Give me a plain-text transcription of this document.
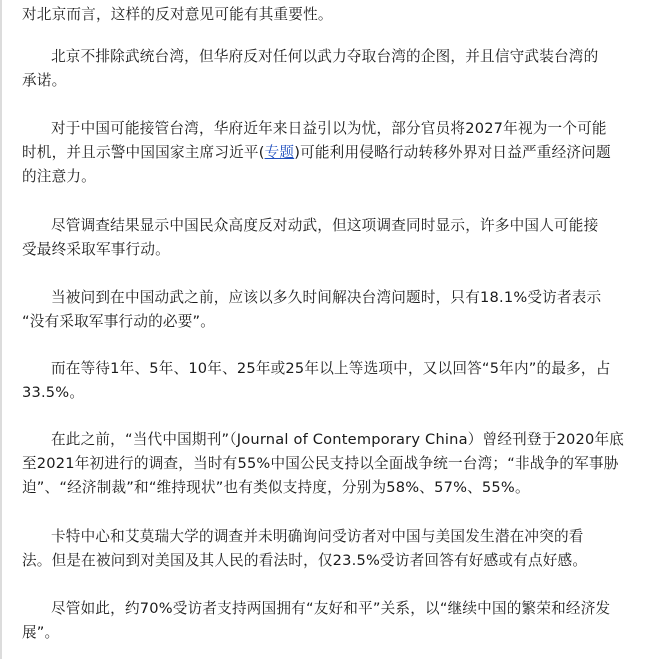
对北京而言，这样的反对意见可能有其重要性。

北京不排除武统台湾，但华府反对任何以武力夺取台湾的企图，并且信守武装台湾的
承诺。

对于中国可能接管台湾，华府近年来日益引以为忧，部分官员将2027年视为一个可能
时机，并且示警中国国家主席习近平(专题)可能利用侵略行动转移外界对日益严重经济问题
的注意力。

尽管调查结果显示中国民众高度反对动武，但这项调查同时显示，许多中国人可能接
受最终采取军事行动。

当被问到在中国动武之前，应该以多久时间解决台湾问题时，只有18.1%受访者表示
“没有采取军事行动的必要”。

而在等待1年、5年、10年、25年或25年以上等选项中，又以回答“5年内”的最多，占
33.5%。

在此之前，“当代中国期刊”（Journal of Contemporary China）曾经刊登于2020年底
至2021年初进行的调查，当时有55%中国公民支持以全面战争统一台湾；“非战争的军事胁
迫”、“经济制裁”和“维持现状”也有类似支持度，分别为58%、57%、55%。

卡特中心和艾莫瑞大学的调查并未明确询问受访者对中国与美国发生潜在冲突的看
法。但是在被问到对美国及其人民的看法时，仅23.5%受访者回答有好感或有点好感。

尽管如此，约70%受访者支持两国拥有“友好和平”关系，以“继续中国的繁荣和经济发
展”。
